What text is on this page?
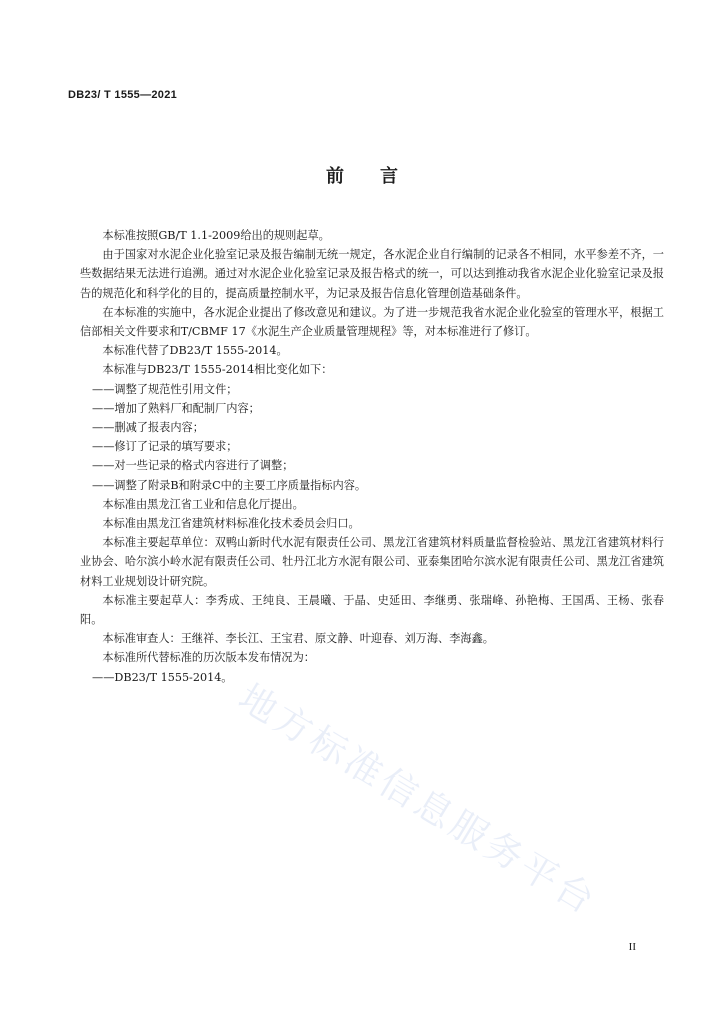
DB23/ T 1555—2021
前言

本标准按照GB/T 1.1-2009给出的规则起草。

由于国家对水泥企业化验室记录及报告编制无统一规定，各水泥企业自行编制的记录各不相同，水平参差不齐，一些数据结果无法进行追溯。通过对水泥企业化验室记录及报告格式的统一，可以达到推动我省水泥企业化验室记录及报告的规范化和科学化的目的，提高质量控制水平，为记录及报告信息化管理创造基础条件。

在本标准的实施中，各水泥企业提出了修改意见和建议。为了进一步规范我省水泥企业化验室的管理水平，根据工信部相关文件要求和T/CBMF 17《水泥生产企业质量管理规程》等，对本标准进行了修订。

本标准代替了DB23/T 1555-2014。

本标准与DB23/T 1555-2014相比变化如下：

——调整了规范性引用文件；

——增加了熟料厂和配制厂内容；

——删减了报表内容；

——修订了记录的填写要求；

——对一些记录的格式内容进行了调整；

——调整了附录B和附录C中的主要工序质量指标内容。

本标准由黑龙江省工业和信息化厅提出。

本标准由黑龙江省建筑材料标准化技术委员会归口。

本标准主要起草单位：双鸭山新时代水泥有限责任公司、黑龙江省建筑材料质量监督检验站、黑龙江省建筑材料行业协会、哈尔滨小岭水泥有限责任公司、牡丹江北方水泥有限公司、亚泰集团哈尔滨水泥有限责任公司、黑龙江省建筑材料工业规划设计研究院。

本标准主要起草人：李秀成、王纯良、王晨曦、于晶、史延田、李继勇、张瑞峰、孙艳梅、王国禹、王杨、张春阳。

本标准审查人：王继祥、李长江、王宝君、原文静、叶迎春、刘万海、李海鑫。

本标准所代替标准的历次版本发布情况为：

——DB23/T 1555-2014。

地方标准信息服务平台
II
